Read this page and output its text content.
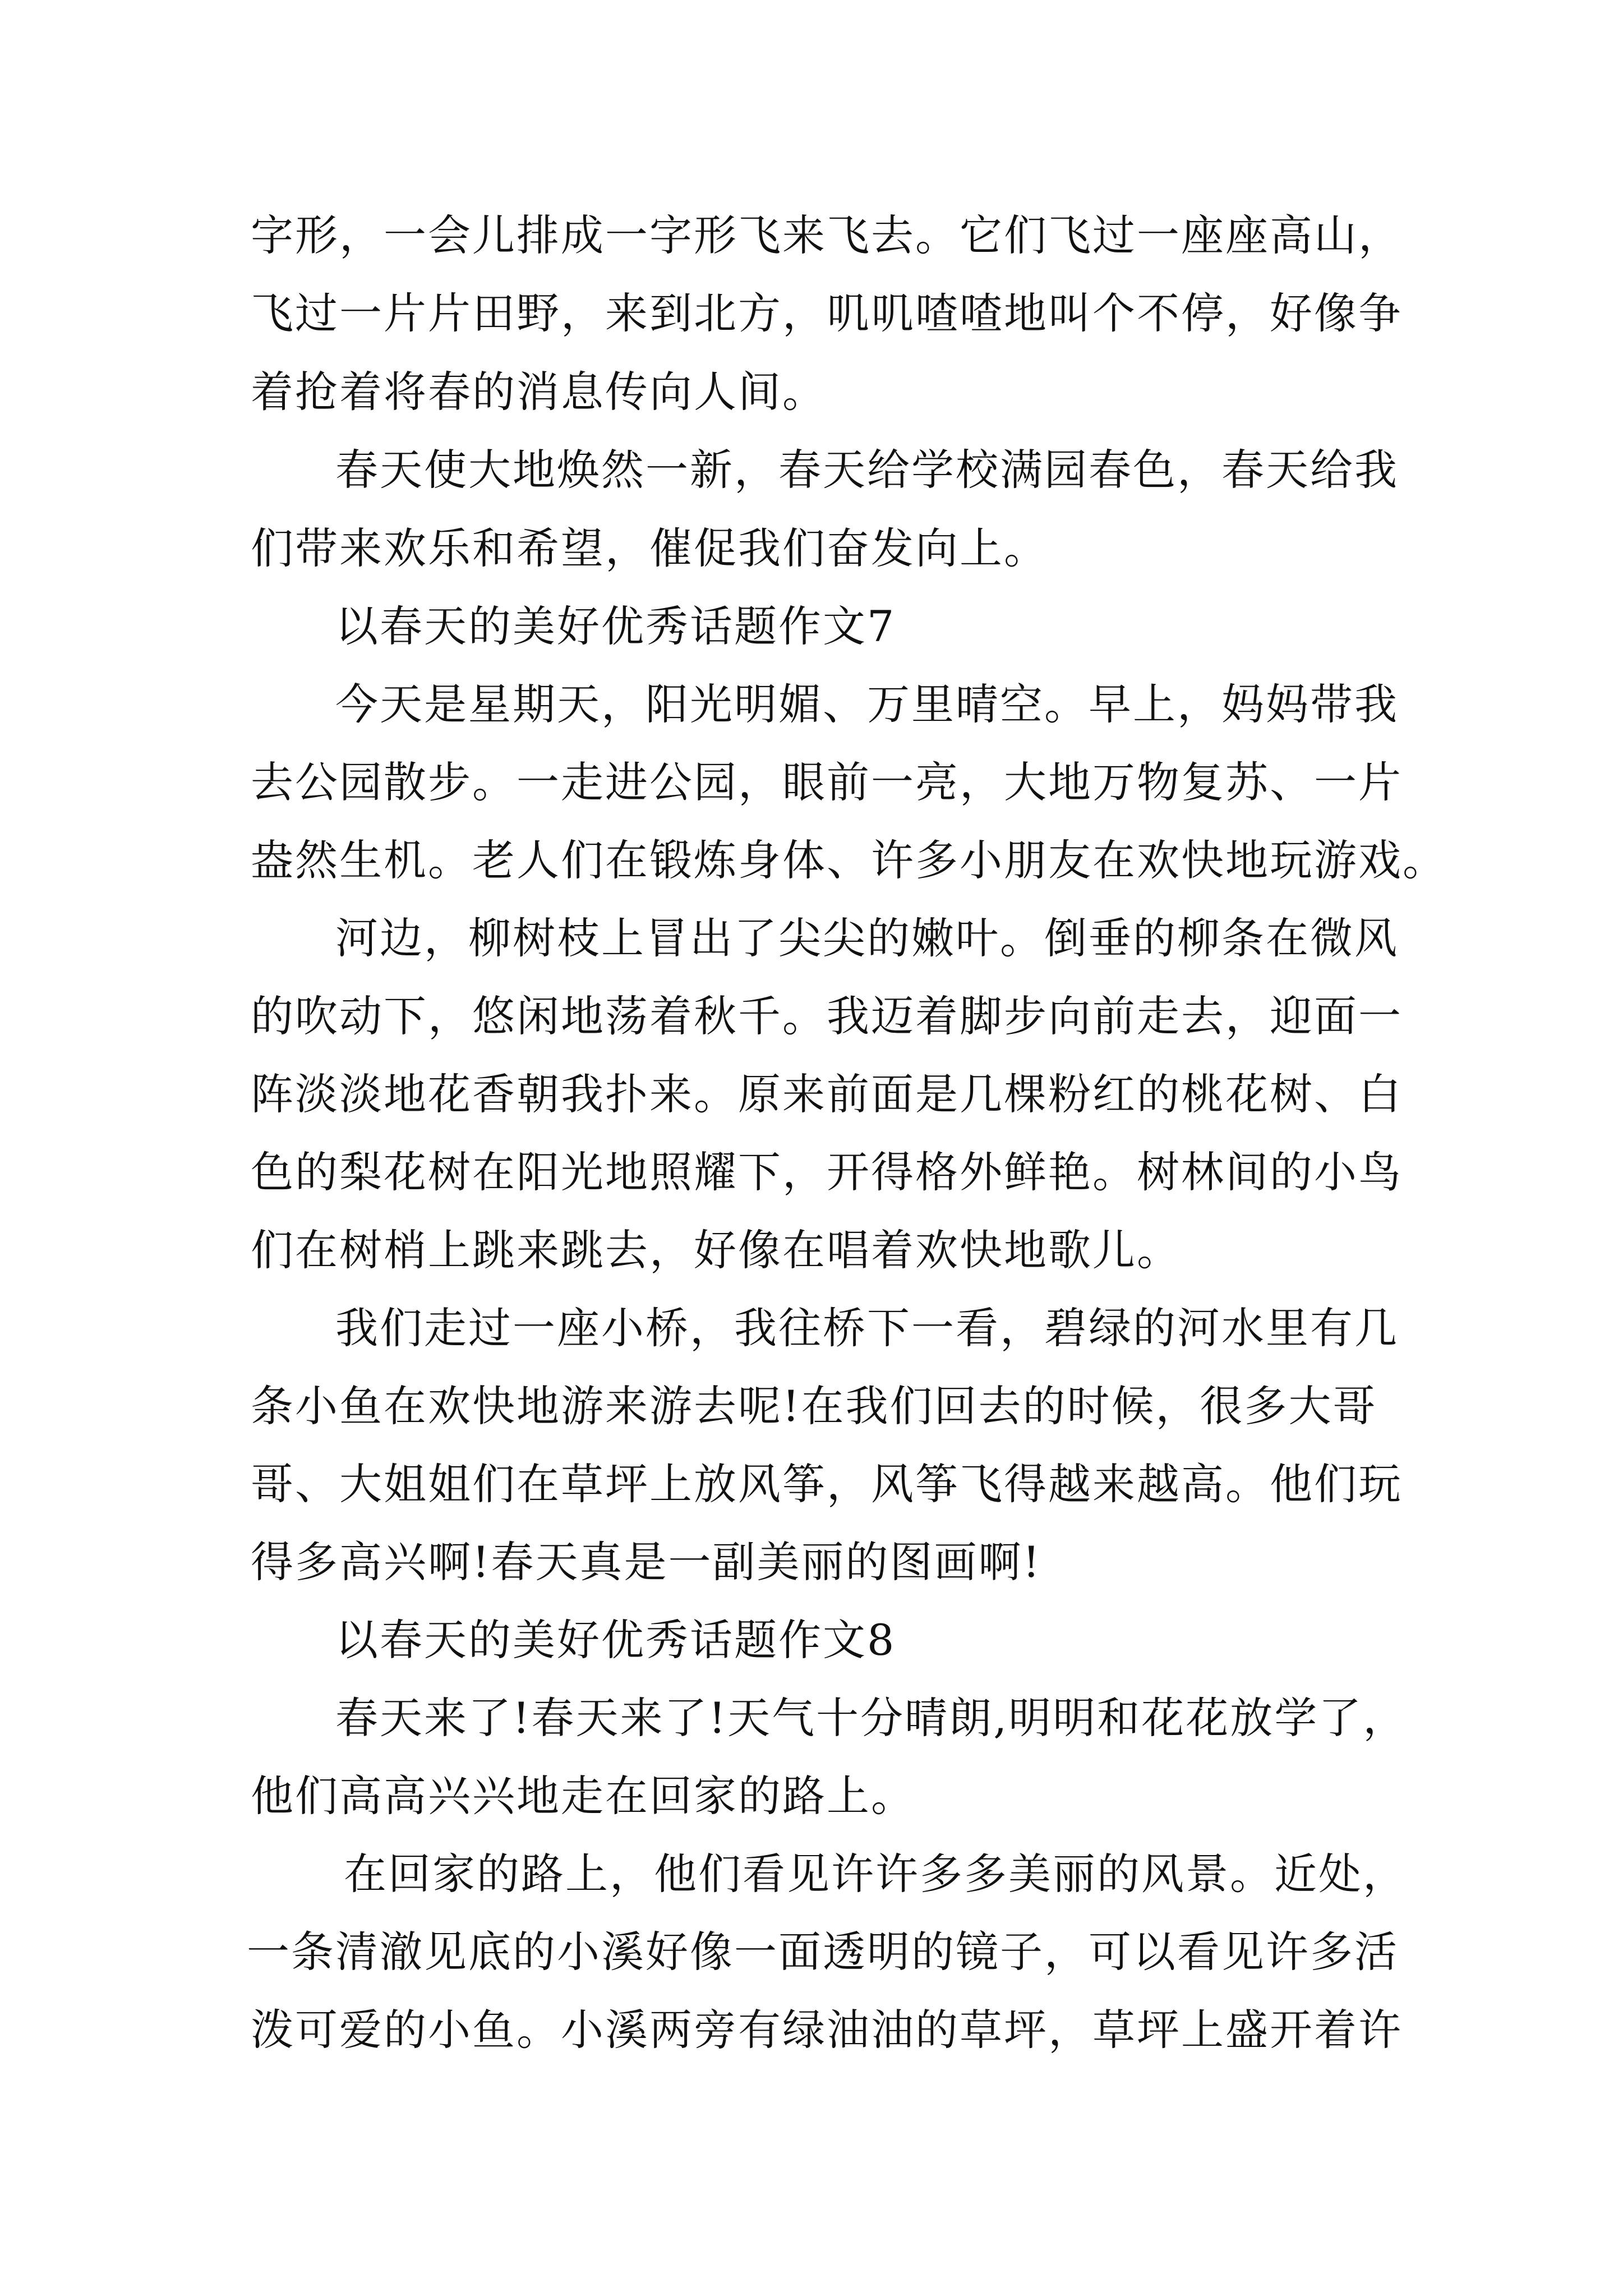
字形，一会儿排成一字形飞来飞去。它们飞过一座座高山，

飞过一片片田野，来到北方，叽叽喳喳地叫个不停，好像争

着抢着将春的消息传向人间。

春天使大地焕然一新，春天给学校满园春色，春天给我

们带来欢乐和希望，催促我们奋发向上。

以春天的美好优秀话题作文7

今天是星期天，阳光明媚、万里晴空。早上，妈妈带我

去公园散步。一走进公园，眼前一亮，大地万物复苏、一片

盎然生机。老人们在锻炼身体、许多小朋友在欢快地玩游戏。

河边，柳树枝上冒出了尖尖的嫩叶。倒垂的柳条在微风

的吹动下，悠闲地荡着秋千。我迈着脚步向前走去，迎面一

阵淡淡地花香朝我扑来。原来前面是几棵粉红的桃花树、白

色的梨花树在阳光地照耀下，开得格外鲜艳。树林间的小鸟

们在树梢上跳来跳去，好像在唱着欢快地歌儿。

我们走过一座小桥，我往桥下一看，碧绿的河水里有几

条小鱼在欢快地游来游去呢!在我们回去的时候，很多大哥

哥、大姐姐们在草坪上放风筝，风筝飞得越来越高。他们玩

得多高兴啊!春天真是一副美丽的图画啊!

以春天的美好优秀话题作文8

春天来了!春天来了!天气十分晴朗,明明和花花放学了，

他们高高兴兴地走在回家的路上。

在回家的路上，他们看见许许多多美丽的风景。近处，

一条清澈见底的小溪好像一面透明的镜子，可以看见许多活

泼可爱的小鱼。小溪两旁有绿油油的草坪，草坪上盛开着许
